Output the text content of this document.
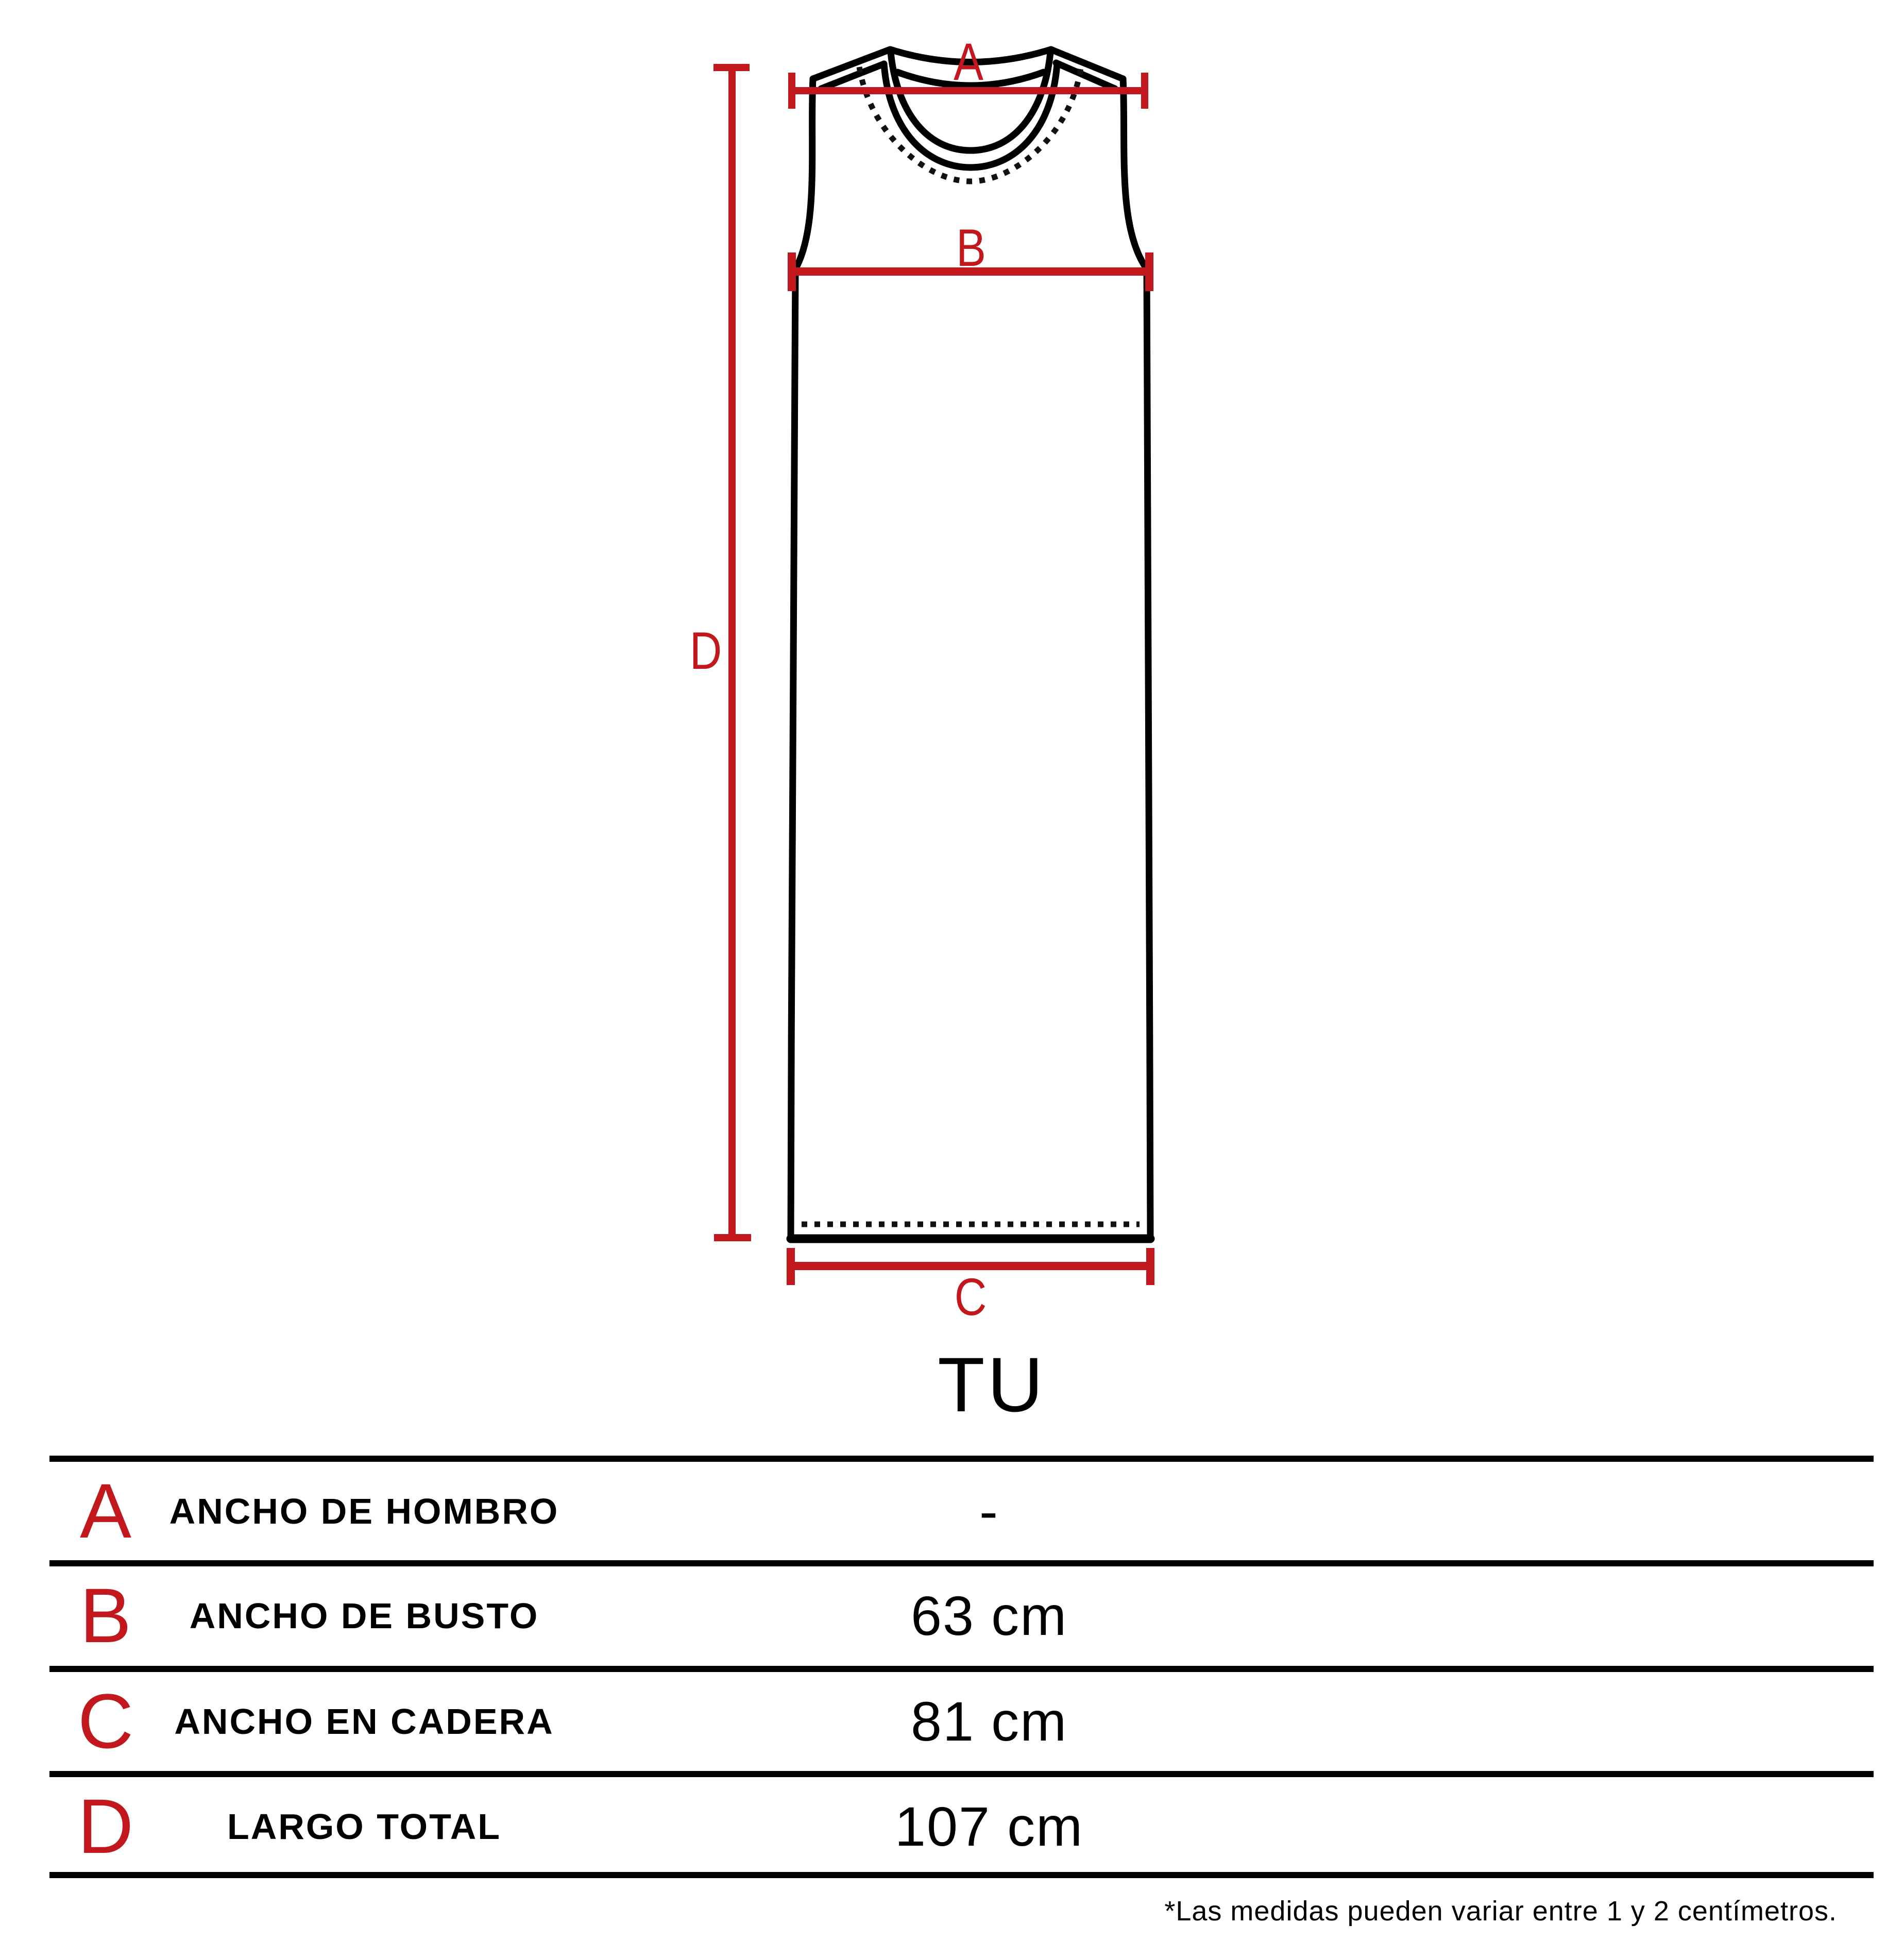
A
B
C
D
TU
A	ANCHO DE HOMBRO	-
B	ANCHO DE BUSTO	63 cm
C	ANCHO EN CADERA	81 cm
D	LARGO TOTAL	107 cm
*Las medidas pueden variar entre 1 y 2 centímetros.
